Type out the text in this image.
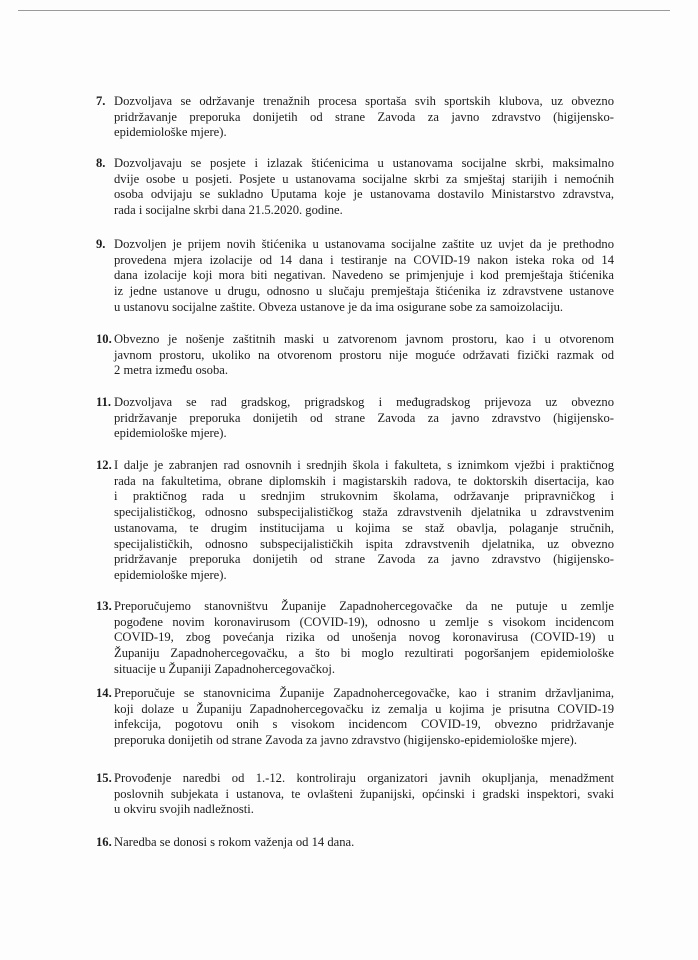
7. Dozvoljava se održavanje trenažnih procesa sportaša svih sportskih klubova, uz obvezno
pridržavanje preporuka donijetih od strane Zavoda za javno zdravstvo (higijensko-
epidemiološke mjere).
8. Dozvoljavaju se posjete i izlazak štićenicima u ustanovama socijalne skrbi, maksimalno
dvije osobe u posjeti. Posjete u ustanovama socijalne skrbi za smještaj starijih i nemoćnih
osoba odvijaju se sukladno Uputama koje je ustanovama dostavilo Ministarstvo zdravstva,
rada i socijalne skrbi dana 21.5.2020. godine.
9. Dozvoljen je prijem novih štićenika u ustanovama socijalne zaštite uz uvjet da je prethodno
provedena mjera izolacije od 14 dana i testiranje na COVID-19 nakon isteka roka od 14
dana izolacije koji mora biti negativan. Navedeno se primjenjuje i kod premještaja štićenika
iz jedne ustanove u drugu, odnosno u slučaju premještaja štićenika iz zdravstvene ustanove
u ustanovu socijalne zaštite. Obveza ustanove je da ima osigurane sobe za samoizolaciju.
10. Obvezno je nošenje zaštitnih maski u zatvorenom javnom prostoru, kao i u otvorenom
javnom prostoru, ukoliko na otvorenom prostoru nije moguće održavati fizički razmak od
2 metra između osoba.
11. Dozvoljava se rad gradskog, prigradskog i međugradskog prijevoza uz obvezno
pridržavanje preporuka donijetih od strane Zavoda za javno zdravstvo (higijensko-
epidemiološke mjere).
12. I dalje je zabranjen rad osnovnih i srednjih škola i fakulteta, s iznimkom vježbi i praktičnog
rada na fakultetima, obrane diplomskih i magistarskih radova, te doktorskih disertacija, kao
i praktičnog rada u srednjim strukovnim školama, održavanje pripravničkog i
specijalističkog, odnosno subspecijalističkog staža zdravstvenih djelatnika u zdravstvenim
ustanovama, te drugim institucijama u kojima se staž obavlja, polaganje stručnih,
specijalističkih, odnosno subspecijalističkih ispita zdravstvenih djelatnika, uz obvezno
pridržavanje preporuka donijetih od strane Zavoda za javno zdravstvo (higijensko-
epidemiološke mjere).
13. Preporučujemo stanovništvu Županije Zapadnohercegovačke da ne putuje u zemlje
pogođene novim koronavirusom (COVID-19), odnosno u zemlje s visokom incidencom
COVID-19, zbog povećanja rizika od unošenja novog koronavirusa (COVID-19) u
Županiju Zapadnohercegovačku, a što bi moglo rezultirati pogoršanjem epidemiološke
situacije u Županiji Zapadnohercegovačkoj.
14. Preporučuje se stanovnicima Županije Zapadnohercegovačke, kao i stranim državljanima,
koji dolaze u Županiju Zapadnohercegovačku iz zemalja u kojima je prisutna COVID-19
infekcija, pogotovu onih s visokom incidencom COVID-19, obvezno pridržavanje
preporuka donijetih od strane Zavoda za javno zdravstvo (higijensko-epidemiološke mjere).
15. Provođenje naredbi od 1.-12. kontroliraju organizatori javnih okupljanja, menadžment
poslovnih subjekata i ustanova, te ovlašteni županijski, općinski i gradski inspektori, svaki
u okviru svojih nadležnosti.
16. Naredba se donosi s rokom važenja od 14 dana.
